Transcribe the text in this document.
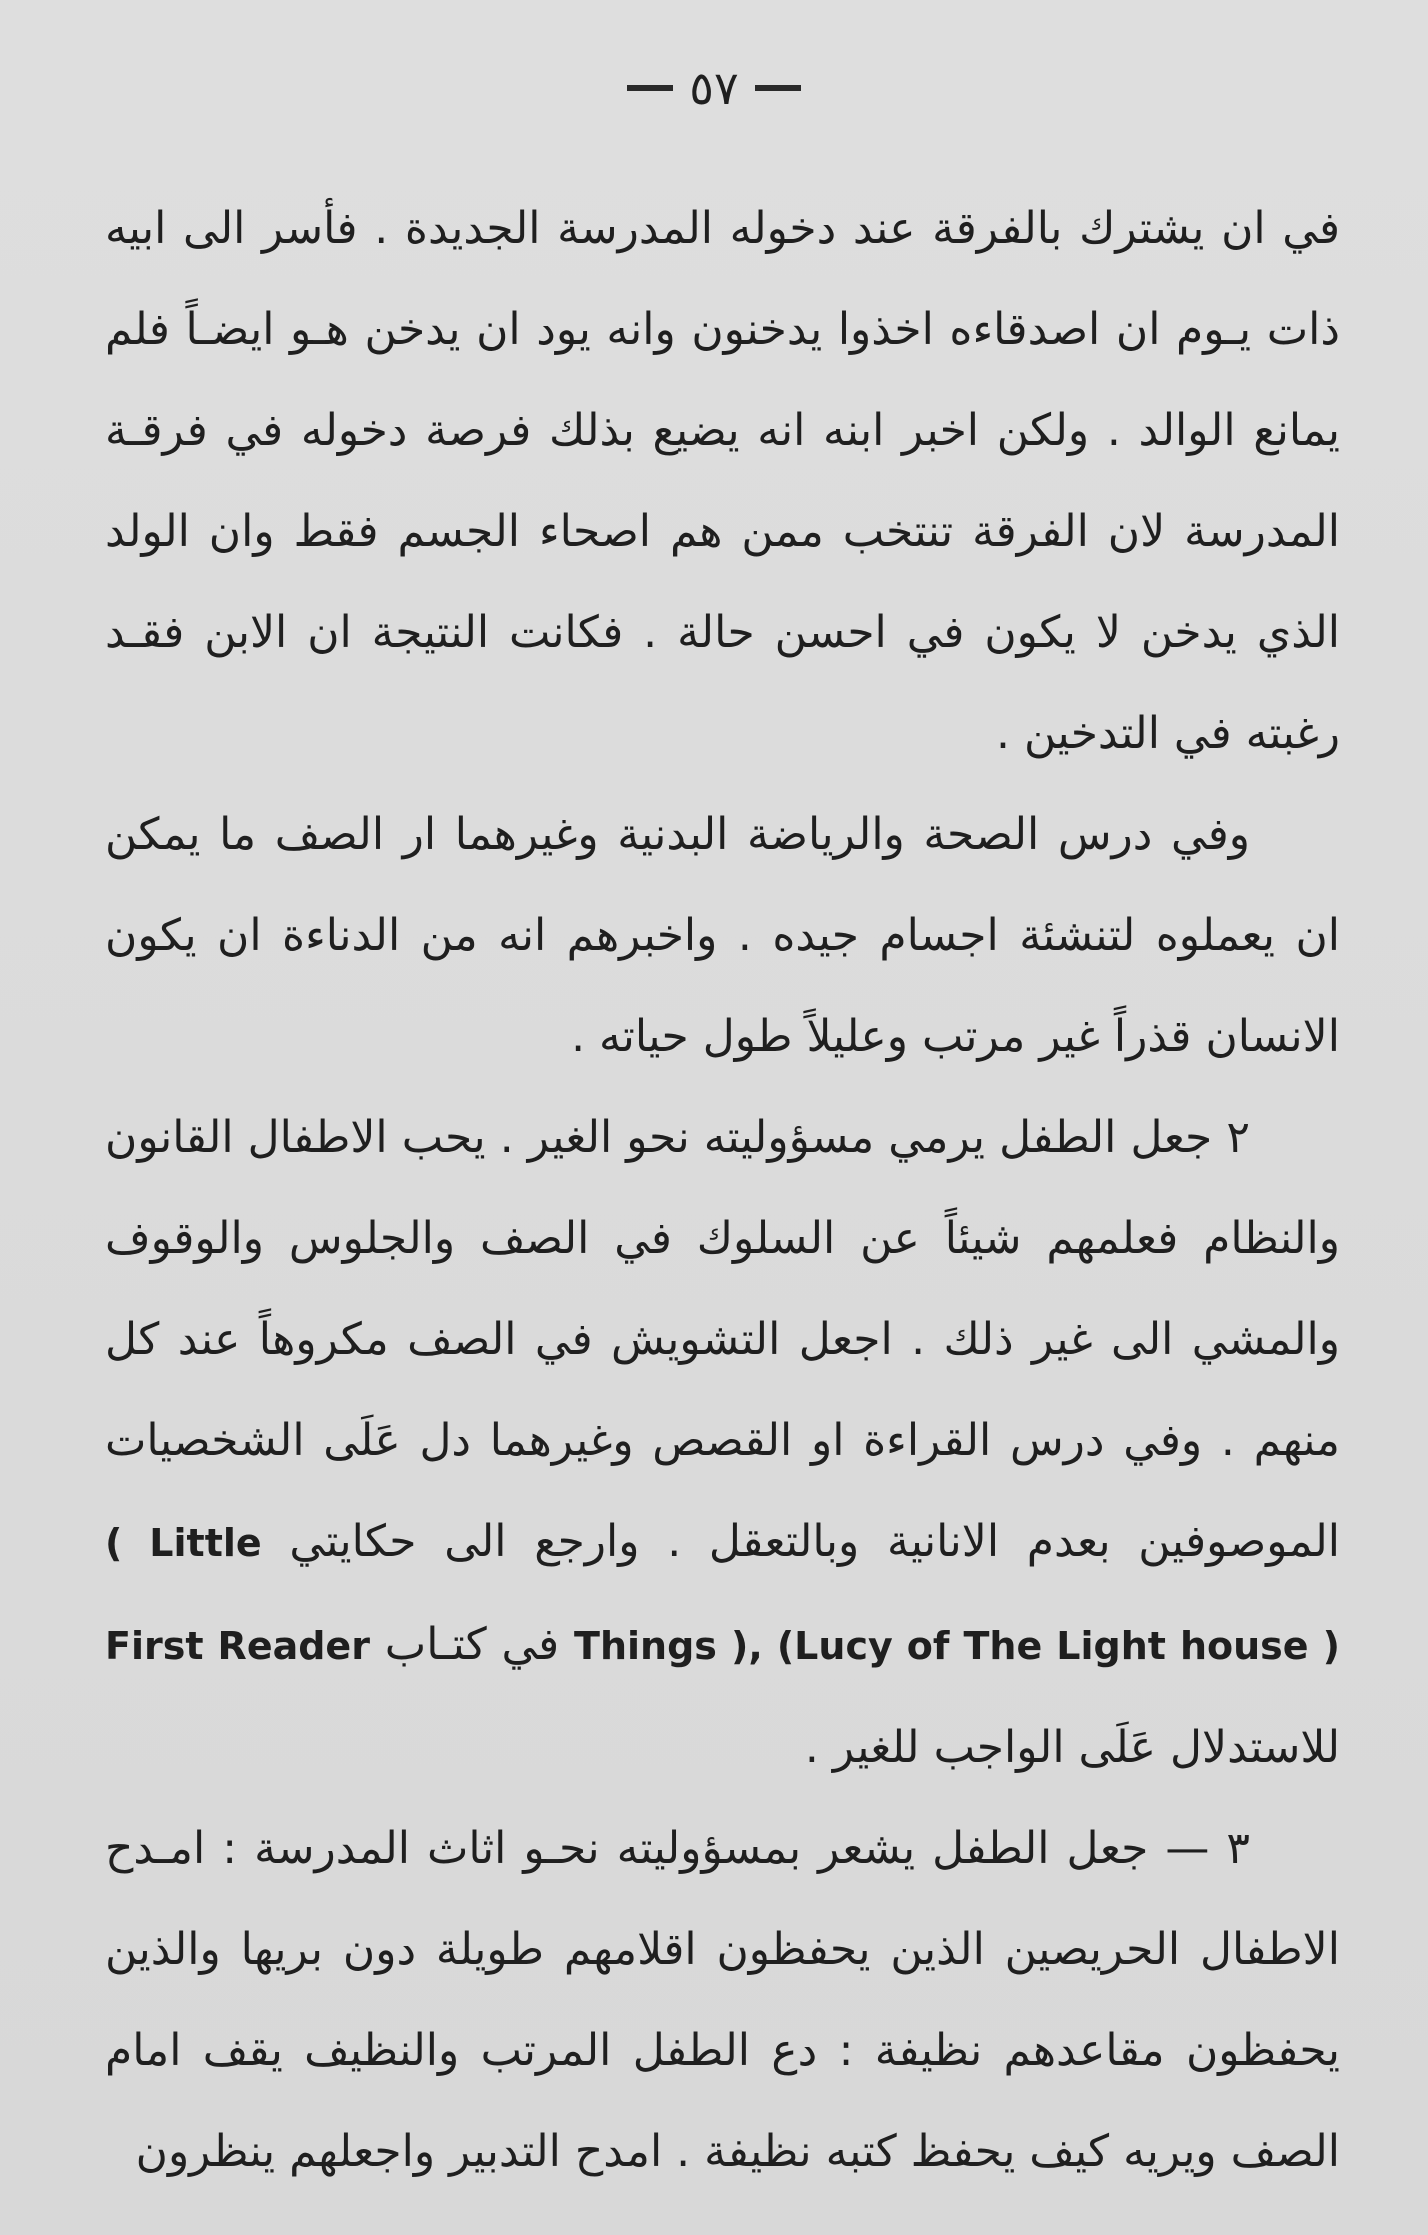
٥٧

في ان يشترك بالفرقة عند دخوله المدرسة الجديدة . فأسر الى ابيه ذات يـوم ان اصدقاءه اخذوا يدخنون وانه يود ان يدخن هـو ايضـاً فلم يمانع الوالد . ولكن اخبر ابنه انه يضيع بذلك فرصة دخوله في فرقـة المدرسة لان الفرقة تنتخب ممن هم اصحاء الجسم فقط وان الولد الذي يدخن لا يكون في احسن حالة . فكانت النتيجة ان الابن فقـد رغبته في التدخين .

وفي درس الصحة والرياضة البدنية وغيرهما ار الصف ما يمكن ان يعملوه لتنشئة اجسام جيده . واخبرهم انه من الدناءة ان يكون الانسان قذراً غير مرتب وعليلاً طول حياته .

٢ جعل الطفل يرمي مسؤوليته نحو الغير . يحب الاطفال القانون والنظام فعلمهم شيئاً عن السلوك في الصف والجلوس والوقوف والمشي الى غير ذلك . اجعل التشويش في الصف مكروهاً عند كل منهم . وفي درس القراءة او القصص وغيرهما دل عَلَى الشخصيات الموصوفين بعدم الانانية وبالتعقل . وارجع الى حكايتي ( Little Things ), (Lucy of The Light house ) في كتـاب First Reader للاستدلال عَلَى الواجب للغير .

٣ — جعل الطفل يشعر بمسؤوليته نحـو اثاث المدرسة : امـدح الاطفال الحريصين الذين يحفظون اقلامهم طويلة دون بريها والذين يحفظون مقاعدهم نظيفة : دع الطفل المرتب والنظيف يقف امام الصف ويريه كيف يحفظ كتبه نظيفة . امدح التدبير واجعلهم ينظرون
